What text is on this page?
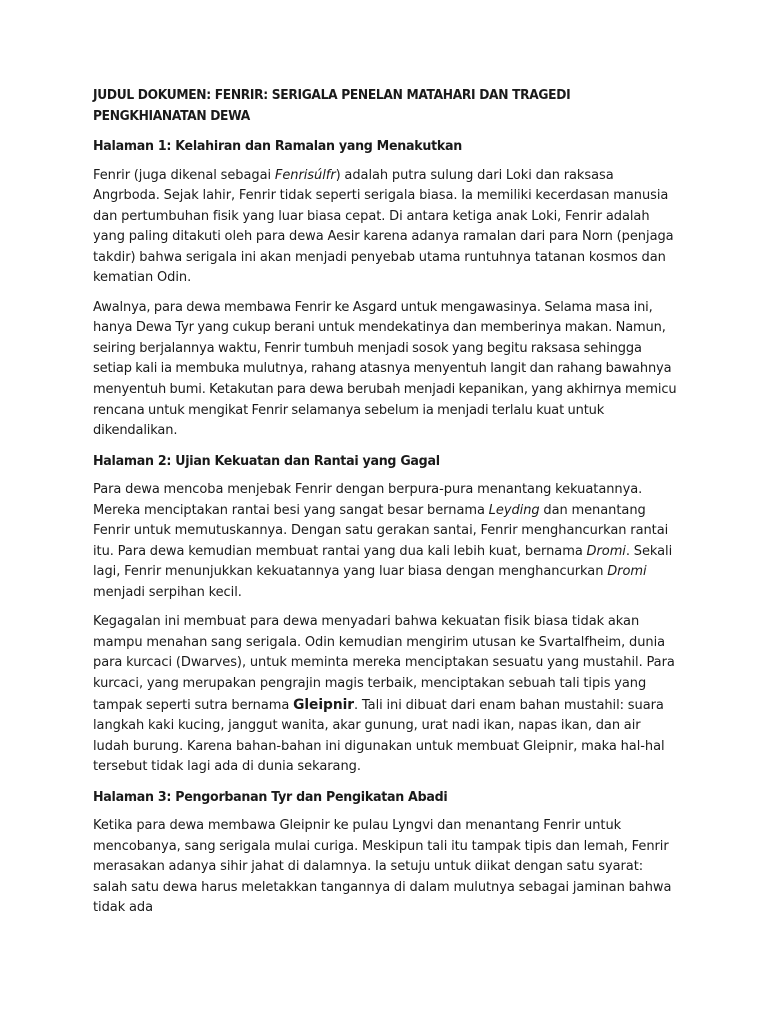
JUDUL DOKUMEN: FENRIR: SERIGALA PENELAN MATAHARI DAN TRAGEDI PENGKHIANATAN DEWA
Halaman 1: Kelahiran dan Ramalan yang Menakutkan

Fenrir (juga dikenal sebagai Fenrisúlfr) adalah putra sulung dari Loki dan raksasa Angrboda. Sejak lahir, Fenrir tidak seperti serigala biasa. Ia memiliki kecerdasan manusia dan pertumbuhan fisik yang luar biasa cepat. Di antara ketiga anak Loki, Fenrir adalah yang paling ditakuti oleh para dewa Aesir karena adanya ramalan dari para Norn (penjaga takdir) bahwa serigala ini akan menjadi penyebab utama runtuhnya tatanan kosmos dan kematian Odin.

Awalnya, para dewa membawa Fenrir ke Asgard untuk mengawasinya. Selama masa ini, hanya Dewa Tyr yang cukup berani untuk mendekatinya dan memberinya makan. Namun, seiring berjalannya waktu, Fenrir tumbuh menjadi sosok yang begitu raksasa sehingga setiap kali ia membuka mulutnya, rahang atasnya menyentuh langit dan rahang bawahnya menyentuh bumi. Ketakutan para dewa berubah menjadi kepanikan, yang akhirnya memicu rencana untuk mengikat Fenrir selamanya sebelum ia menjadi terlalu kuat untuk dikendalikan.

Halaman 2: Ujian Kekuatan dan Rantai yang Gagal

Para dewa mencoba menjebak Fenrir dengan berpura-pura menantang kekuatannya. Mereka menciptakan rantai besi yang sangat besar bernama Leyding dan menantang Fenrir untuk memutuskannya. Dengan satu gerakan santai, Fenrir menghancurkan rantai itu. Para dewa kemudian membuat rantai yang dua kali lebih kuat, bernama Dromi. Sekali lagi, Fenrir menunjukkan kekuatannya yang luar biasa dengan menghancurkan Dromi menjadi serpihan kecil.

Kegagalan ini membuat para dewa menyadari bahwa kekuatan fisik biasa tidak akan mampu menahan sang serigala. Odin kemudian mengirim utusan ke Svartalfheim, dunia para kurcaci (Dwarves), untuk meminta mereka menciptakan sesuatu yang mustahil. Para kurcaci, yang merupakan pengrajin magis terbaik, menciptakan sebuah tali tipis yang tampak seperti sutra bernama Gleipnir. Tali ini dibuat dari enam bahan mustahil: suara langkah kaki kucing, janggut wanita, akar gunung, urat nadi ikan, napas ikan, dan air ludah burung. Karena bahan-bahan ini digunakan untuk membuat Gleipnir, maka hal-hal tersebut tidak lagi ada di dunia sekarang.

Halaman 3: Pengorbanan Tyr dan Pengikatan Abadi

Ketika para dewa membawa Gleipnir ke pulau Lyngvi dan menantang Fenrir untuk mencobanya, sang serigala mulai curiga. Meskipun tali itu tampak tipis dan lemah, Fenrir merasakan adanya sihir jahat di dalamnya. Ia setuju untuk diikat dengan satu syarat: salah satu dewa harus meletakkan tangannya di dalam mulutnya sebagai jaminan bahwa tidak ada
